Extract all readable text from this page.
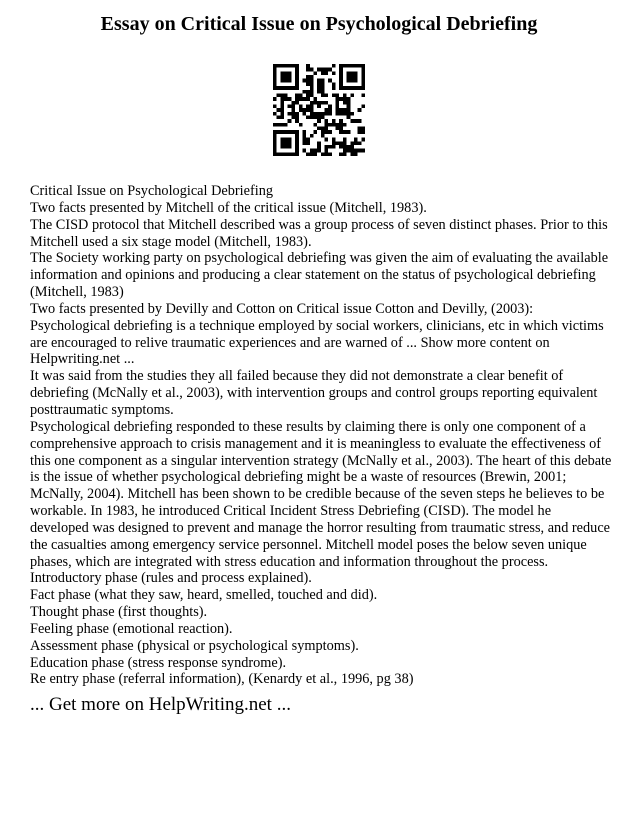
Essay on Critical Issue on Psychological Debriefing

Critical Issue on Psychological Debriefing

Two facts presented by Mitchell of the critical issue (Mitchell, 1983).

The CISD protocol that Mitchell described was a group process of seven distinct phases. Prior to this Mitchell used a six stage model (Mitchell, 1983).

The Society working party on psychological debriefing was given the aim of evaluating the available information and opinions and producing a clear statement on the status of psychological debriefing (Mitchell, 1983)

Two facts presented by Devilly and Cotton on Critical issue Cotton and Devilly, (2003):

Psychological debriefing is a technique employed by social workers, clinicians, etc in which victims are encouraged to relive traumatic experiences and are warned of ... Show more content on Helpwriting.net ...

It was said from the studies they all failed because they did not demonstrate a clear benefit of debriefing (McNally et al., 2003), with intervention groups and control groups reporting equivalent posttraumatic symptoms.

Psychological debriefing responded to these results by claiming there is only one component of a comprehensive approach to crisis management and it is meaningless to evaluate the effectiveness of this one component as a singular intervention strategy (McNally et al., 2003). The heart of this debate is the issue of whether psychological debriefing might be a waste of resources (Brewin, 2001; McNally, 2004). Mitchell has been shown to be credible because of the seven steps he believes to be workable. In 1983, he introduced Critical Incident Stress Debriefing (CISD). The model he developed was designed to prevent and manage the horror resulting from traumatic stress, and reduce the casualties among emergency service personnel. Mitchell model poses the below seven unique phases, which are integrated with stress education and information throughout the process.

Introductory phase (rules and process explained).

Fact phase (what they saw, heard, smelled, touched and did).

Thought phase (first thoughts).

Feeling phase (emotional reaction).

Assessment phase (physical or psychological symptoms).

Education phase (stress response syndrome).

Re entry phase (referral information), (Kenardy et al., 1996, pg 38)

... Get more on HelpWriting.net ...
